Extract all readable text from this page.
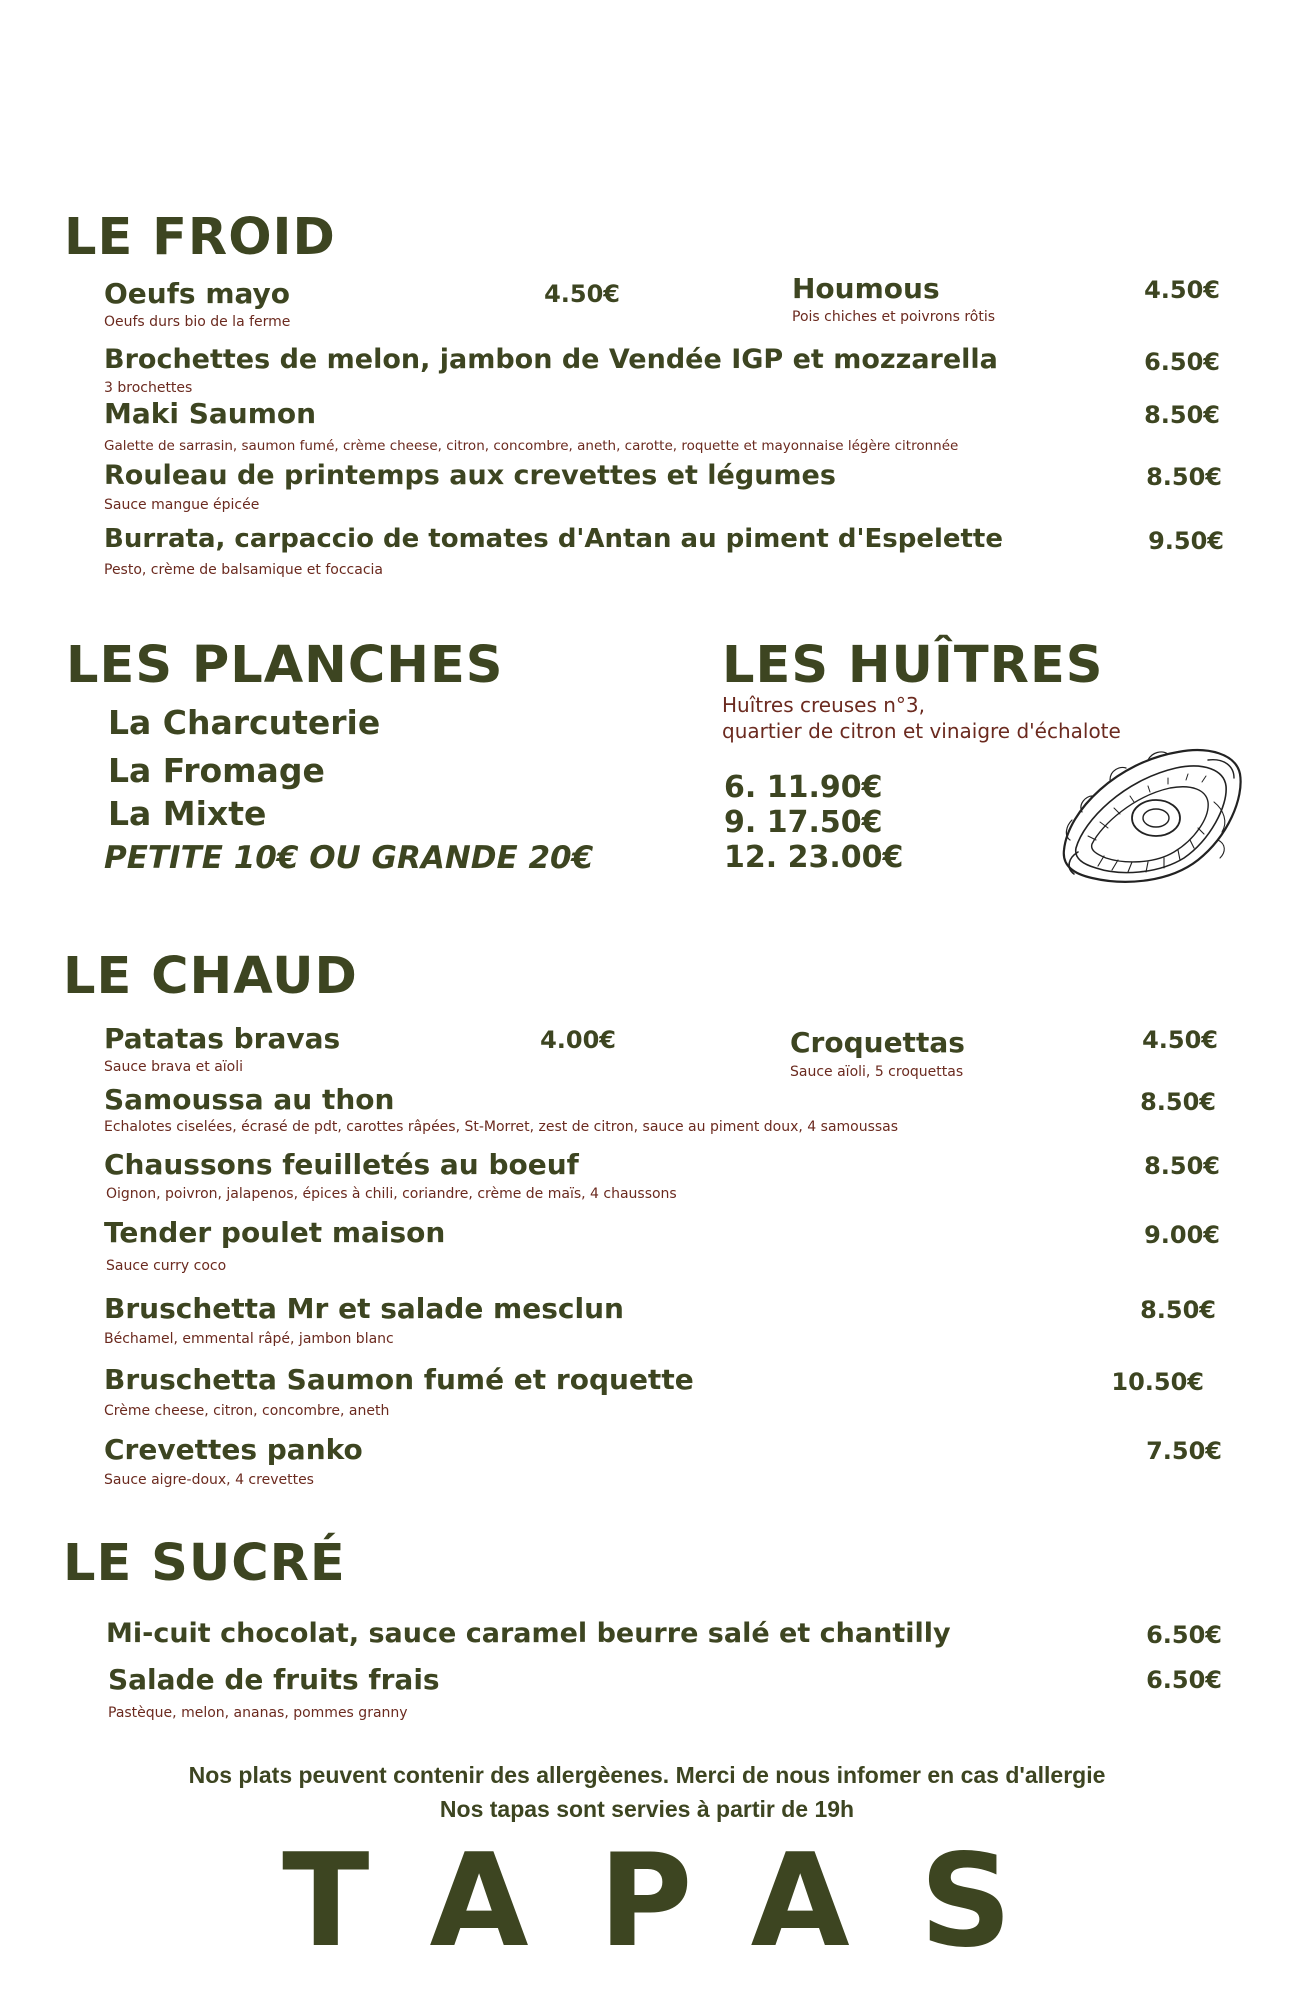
LE FROID
Oeufs mayo	4.50€
Oeufs durs bio de la ferme
Houmous	4.50€
Pois chiches et poivrons rôtis
Brochettes de melon, jambon de Vendée IGP et mozzarella	6.50€
3 brochettes
Maki Saumon	8.50€
Galette de sarrasin, saumon fumé, crème cheese, citron, concombre, aneth, carotte, roquette et mayonnaise légère citronnée
Rouleau de printemps aux crevettes et légumes	8.50€
Sauce mangue épicée
Burrata, carpaccio de tomates d'Antan au piment d'Espelette	9.50€
Pesto, crème de balsamique et foccacia
LES PLANCHES
La Charcuterie
La Fromage
La Mixte
PETITE 10€ OU GRANDE 20€
LES HUÎTRES
Huîtres creuses n°3,
quartier de citron et vinaigre d'échalote
6. 11.90€
9. 17.50€
12. 23.00€
LE CHAUD
Patatas bravas	4.00€
Sauce brava et aïoli
Croquettas	4.50€
Sauce aïoli, 5 croquettas
Samoussa au thon	8.50€
Echalotes ciselées, écrasé de pdt, carottes râpées, St-Morret, zest de citron, sauce au piment doux, 4 samoussas
Chaussons feuilletés au boeuf	8.50€
Oignon, poivron, jalapenos, épices à chili, coriandre, crème de maïs, 4 chaussons
Tender poulet maison	9.00€
Sauce curry coco
Bruschetta Mr et salade mesclun	8.50€
Béchamel, emmental râpé, jambon blanc
Bruschetta Saumon fumé et roquette	10.50€
Crème cheese, citron, concombre, aneth
Crevettes panko	7.50€
Sauce aigre-doux, 4 crevettes
LE SUCRÉ
Mi-cuit chocolat, sauce caramel beurre salé et chantilly	6.50€
Salade de fruits frais	6.50€
Pastèque, melon, ananas, pommes granny
Nos plats peuvent contenir des allergèenes. Merci de nous infomer en cas d'allergie
Nos tapas sont servies à partir de 19h
TAPAS
